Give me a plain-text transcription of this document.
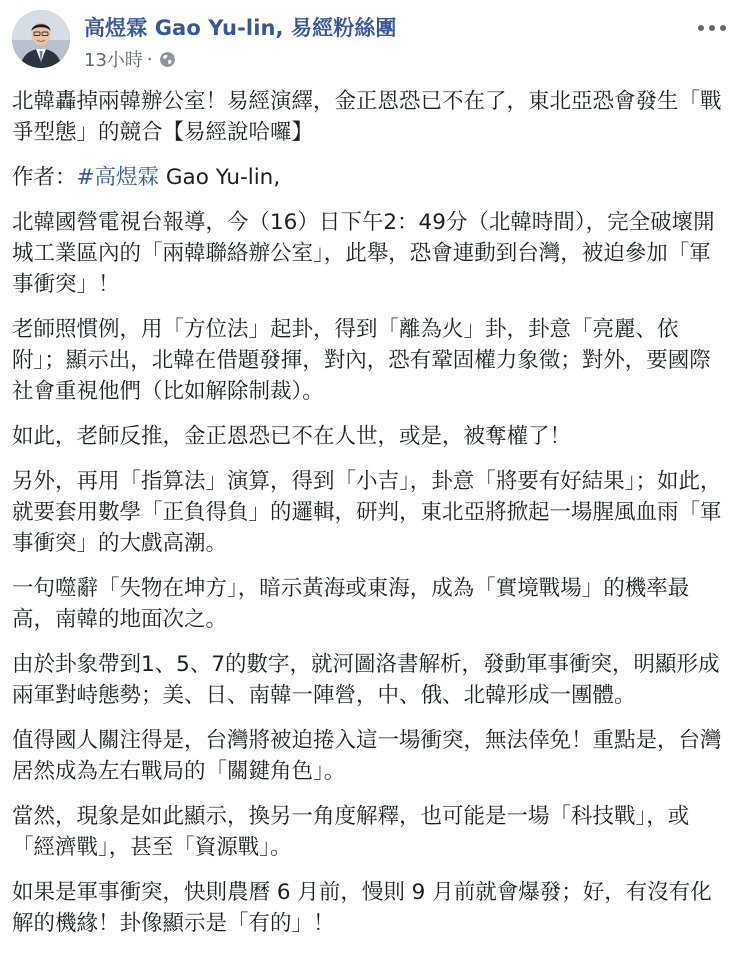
高煜霖 Gao Yu-lin, 易經粉絲團
13小時 ·

北韓轟掉兩韓辦公室！易經演繹，金正恩恐已不在了，東北亞恐會發生「戰爭型態」的競合【易經說哈囉】

作者：#高煜霖 Gao Yu-lin,

北韓國營電視台報導，今（16）日下午2：49分（北韓時間），完全破壞開城工業區內的「兩韓聯絡辦公室」，此舉，恐會連動到台灣，被迫參加「軍事衝突」！

老師照慣例，用「方位法」起卦，得到「離為火」卦，卦意「亮麗、依附」；顯示出，北韓在借題發揮，對內，恐有鞏固權力象徵；對外，要國際社會重視他們（比如解除制裁）。

如此，老師反推，金正恩恐已不在人世，或是，被奪權了！

另外，再用「指算法」演算，得到「小吉」，卦意「將要有好結果」；如此，就要套用數學「正負得負」的邏輯，研判，東北亞將掀起一場腥風血雨「軍事衝突」的大戲高潮。

一句噬辭「失物在坤方」，暗示黃海或東海，成為「實境戰場」的機率最高，南韓的地面次之。

由於卦象帶到1、5、7的數字，就河圖洛書解析，發動軍事衝突，明顯形成兩軍對峙態勢；美、日、南韓一陣營，中、俄、北韓形成一團體。

值得國人關注得是，台灣將被迫捲入這一場衝突，無法倖免！重點是，台灣居然成為左右戰局的「關鍵角色」。

當然，現象是如此顯示，換另一角度解釋，也可能是一場「科技戰」，或「經濟戰」，甚至「資源戰」。

如果是軍事衝突，快則農曆 6 月前，慢則 9 月前就會爆發；好，有沒有化解的機緣！卦像顯示是「有的」！
